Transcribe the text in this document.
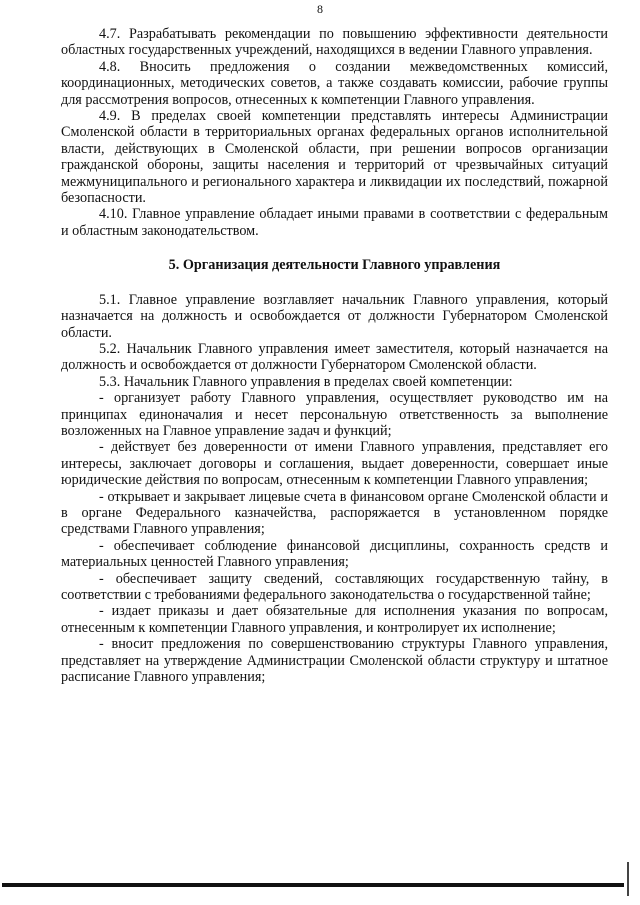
8

4.7. Разрабатывать рекомендации по повышению эффективности деятельности областных государственных учреждений, находящихся в ведении Главного управления.

4.8. Вносить предложения о создании межведомственных комиссий, координационных, методических советов, а также создавать комиссии, рабочие группы для рассмотрения вопросов, отнесенных к компетенции Главного управления.

4.9. В пределах своей компетенции представлять интересы Администрации Смоленской области в территориальных органах федеральных органов исполнительной власти, действующих в Смоленской области, при решении вопросов организации гражданской обороны, защиты населения и территорий от чрезвычайных ситуаций межмуниципального и регионального характера и ликвидации их последствий, пожарной безопасности.

4.10. Главное управление обладает иными правами в соответствии с федеральным и областным законодательством.

5. Организация деятельности Главного управления

5.1. Главное управление возглавляет начальник Главного управления, который назначается на должность и освобождается от должности Губернатором Смоленской области.

5.2. Начальник Главного управления имеет заместителя, который назначается на должность и освобождается от должности Губернатором Смоленской области.

5.3. Начальник Главного управления в пределах своей компетенции:

- организует работу Главного управления, осуществляет руководство им на принципах единоначалия и несет персональную ответственность за выполнение возложенных на Главное управление задач и функций;

- действует без доверенности от имени Главного управления, представляет его интересы, заключает договоры и соглашения, выдает доверенности, совершает иные юридические действия по вопросам, отнесенным к компетенции Главного управления;

- открывает и закрывает лицевые счета в финансовом органе Смоленской области и в органе Федерального казначейства, распоряжается в установленном порядке средствами Главного управления;

- обеспечивает соблюдение финансовой дисциплины, сохранность средств и материальных ценностей Главного управления;

- обеспечивает защиту сведений, составляющих государственную тайну, в соответствии с требованиями федерального законодательства о государственной тайне;

- издает приказы и дает обязательные для исполнения указания по вопросам, отнесенным к компетенции Главного управления, и контролирует их исполнение;

- вносит предложения по совершенствованию структуры Главного управления, представляет на утверждение Администрации Смоленской области структуру и штатное расписание Главного управления;
